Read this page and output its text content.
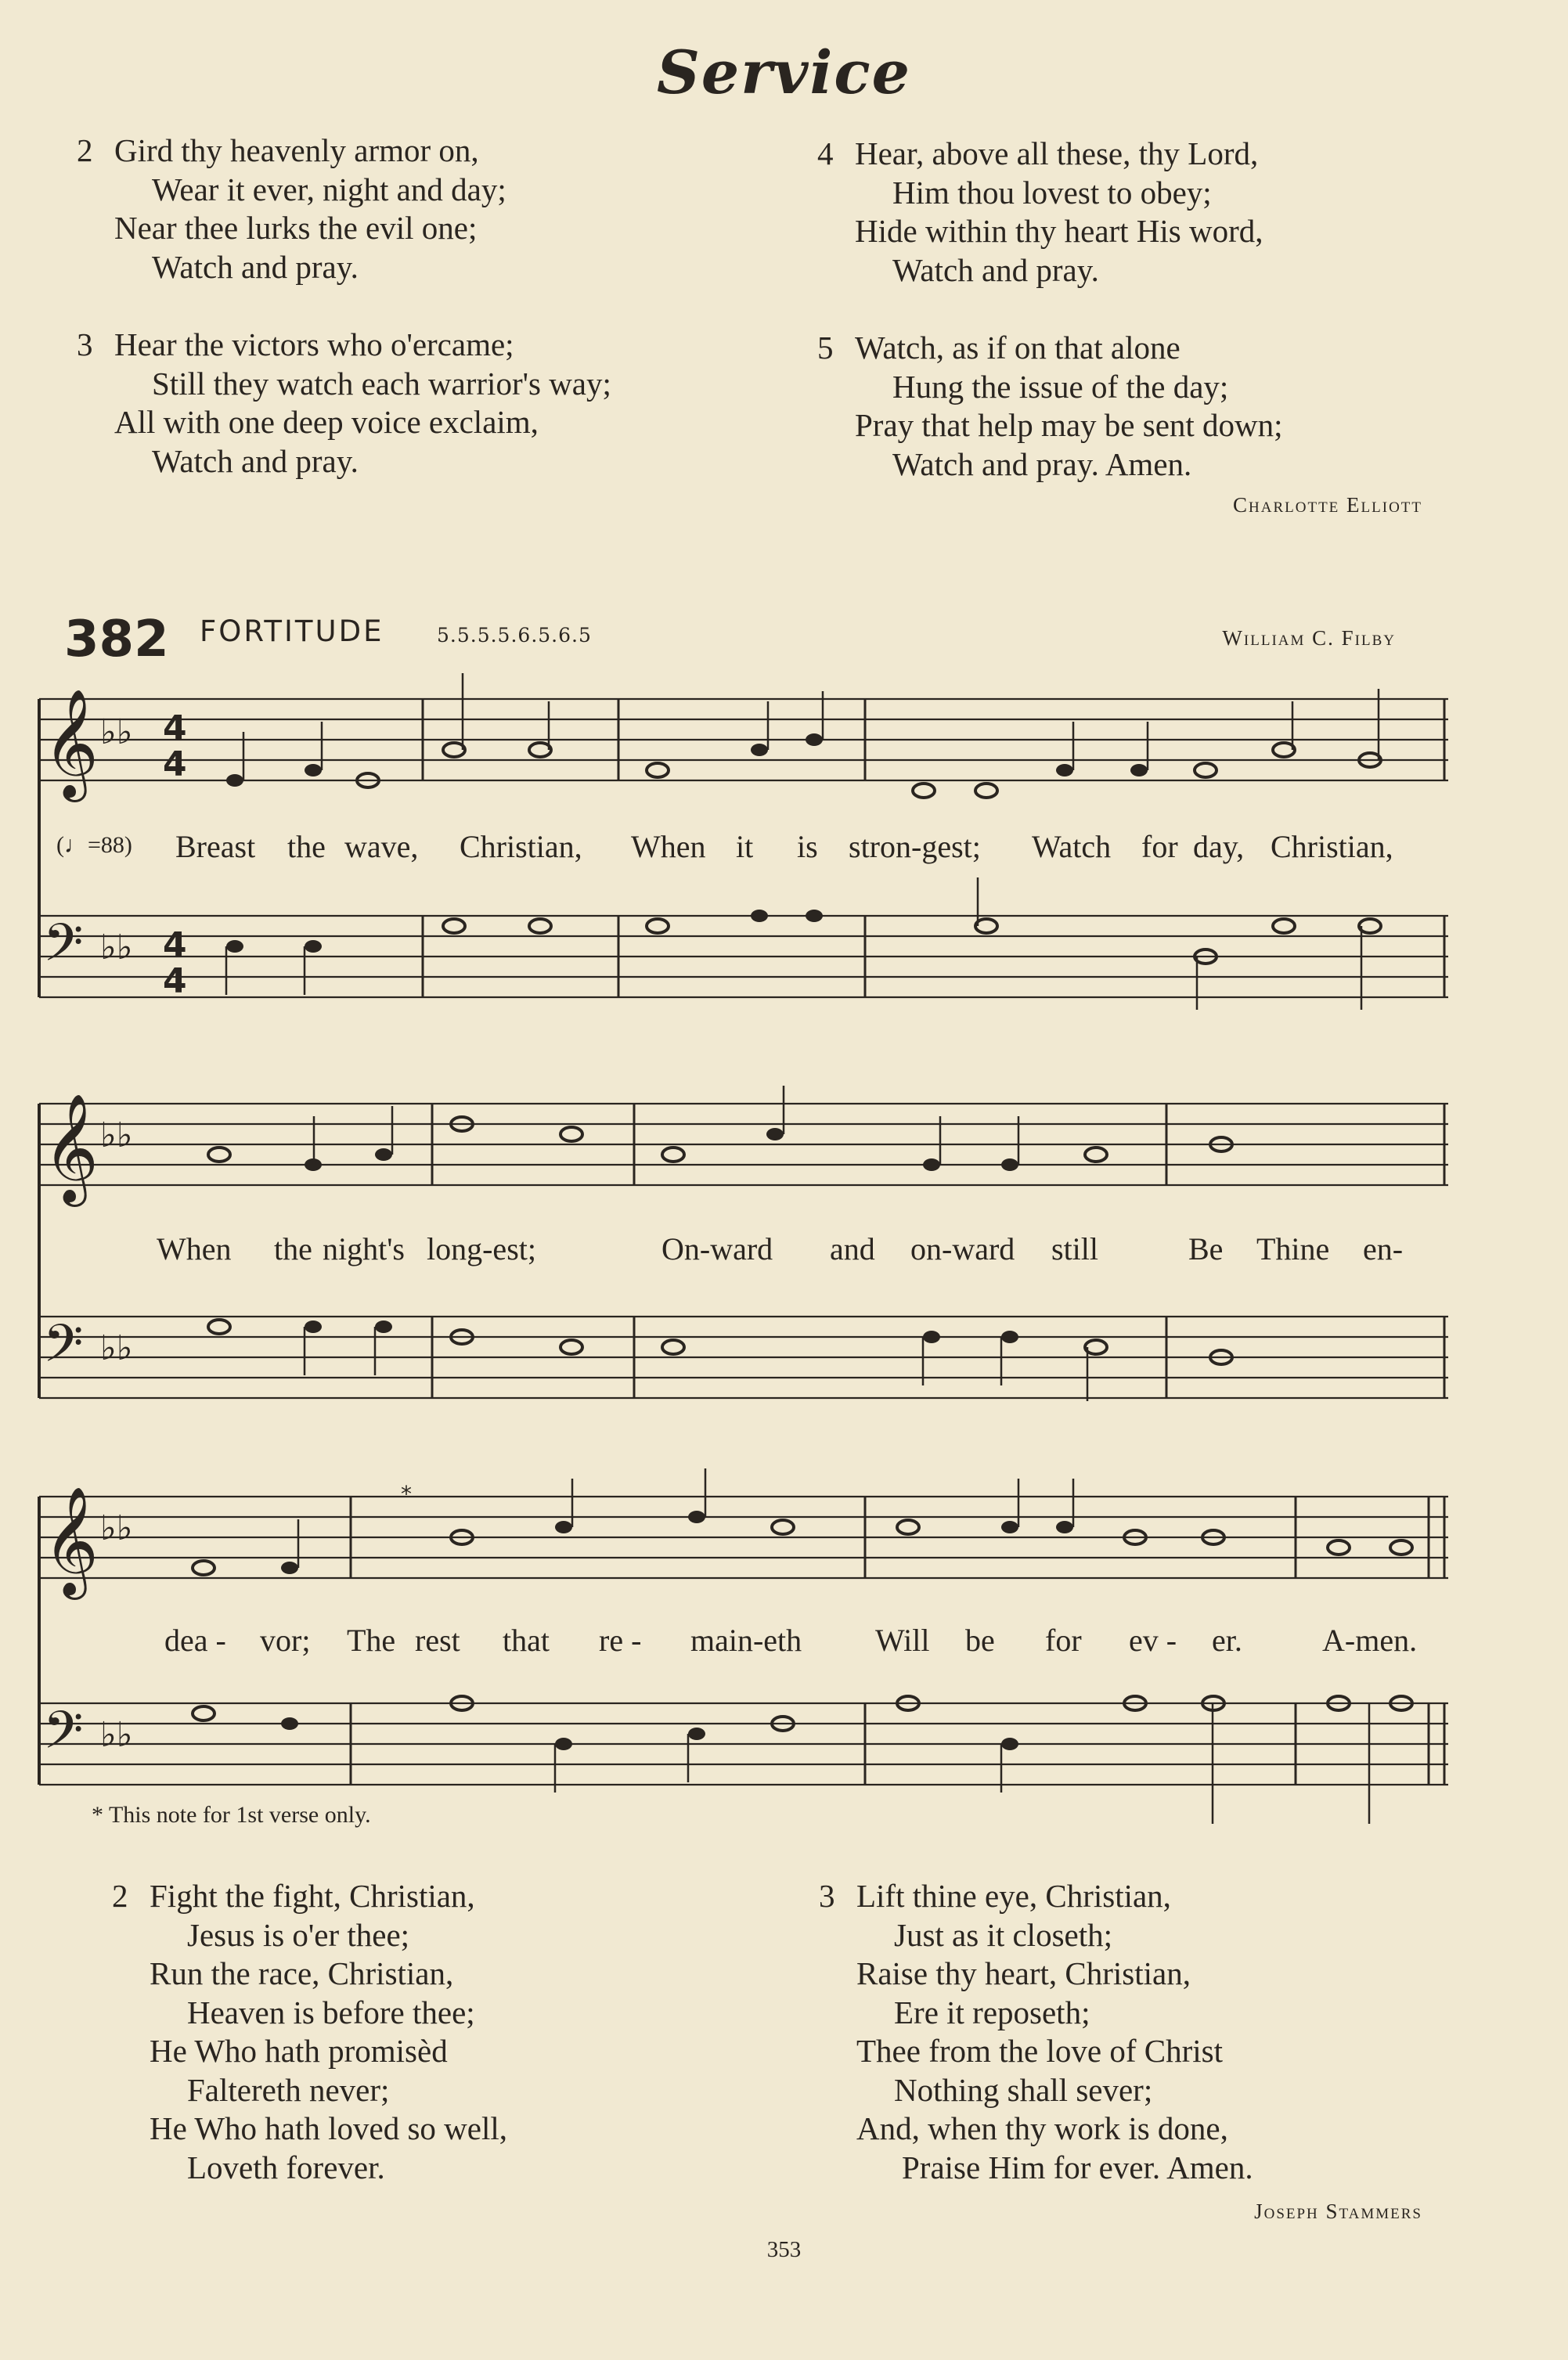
Service
2 Gird thy heavenly armor on,
Wear it ever, night and day;
Near thee lurks the evil one;
Watch and pray.
3 Hear the victors who o'ercame;
Still they watch each warrior's way;
All with one deep voice exclaim,
Watch and pray.
4 Hear, above all these, thy Lord,
Him thou lovest to obey;
Hide within thy heart His word,
Watch and pray.
5 Watch, as if on that alone
Hung the issue of the day;
Pray that help may be sent down;
Watch and pray. Amen.
Charlotte Elliott
382 FORTITUDE	5.5.5.5.6.5.6.5	William C. Filby
𝄞
𝄢
𝄞
𝄢
𝄞
𝄢
♭♭
♭♭
♭♭
♭♭
♭♭
♭♭
4
4
4
4
*
(♩=88) Breast the wave, Christian, When it is stron-gest; Watch for day, Christian,
When the night's long-est;	On-ward and on-ward still	Be Thine en-
dea - vor; The rest that re - main-eth Will be for ev - er.	A-men.
* This note for 1st verse only.
2 Fight the fight, Christian,
Jesus is o'er thee;
Run the race, Christian,
Heaven is before thee;
He Who hath promisèd
Faltereth never;
He Who hath loved so well,
Loveth forever.
3 Lift thine eye, Christian,
Just as it closeth;
Raise thy heart, Christian,
Ere it reposeth;
Thee from the love of Christ
Nothing shall sever;
And, when thy work is done,
Praise Him for ever. Amen.
Joseph Stammers
353
